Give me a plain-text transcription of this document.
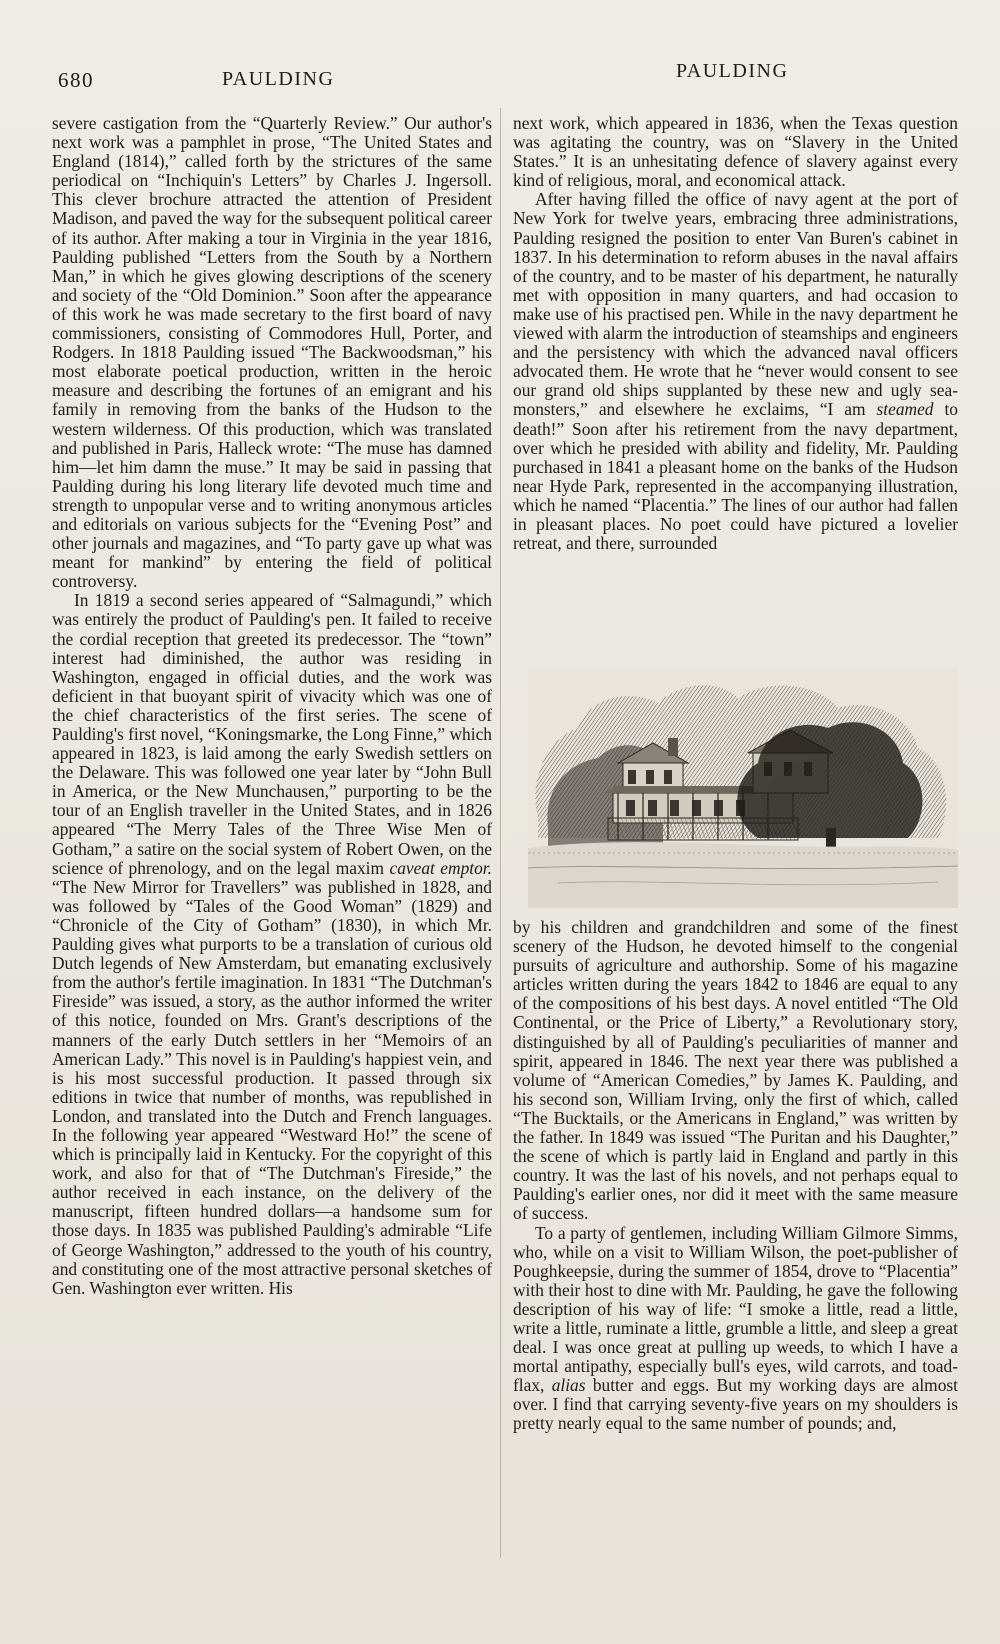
680	PAULDING	PAULDING

severe castigation from the “Quarterly Review.” Our author's next work was a pamphlet in prose, “The United States and England (1814),” called forth by the strictures of the same periodical on “Inchiquin's Letters” by Charles J. Ingersoll. This clever brochure attracted the attention of President Madison, and paved the way for the subsequent political career of its author. After making a tour in Virginia in the year 1816, Paulding published “Letters from the South by a Northern Man,” in which he gives glowing descriptions of the scenery and society of the “Old Dominion.” Soon after the appearance of this work he was made secretary to the first board of navy commissioners, consisting of Commodores Hull, Porter, and Rodgers. In 1818 Paulding issued “The Backwoodsman,” his most elaborate poetical production, written in the heroic measure and describing the fortunes of an emigrant and his family in removing from the banks of the Hudson to the western wilderness. Of this production, which was translated and published in Paris, Halleck wrote: “The muse has damned him—let him damn the muse.” It may be said in passing that Paulding during his long literary life devoted much time and strength to unpopular verse and to writing anonymous articles and editorials on various subjects for the “Evening Post” and other journals and magazines, and “To party gave up what was meant for mankind” by entering the field of political controversy.

In 1819 a second series appeared of “Salmagundi,” which was entirely the product of Paulding's pen. It failed to receive the cordial reception that greeted its predecessor. The “town” interest had diminished, the author was residing in Washington, engaged in official duties, and the work was deficient in that buoyant spirit of vivacity which was one of the chief characteristics of the first series. The scene of Paulding's first novel, “Koningsmarke, the Long Finne,” which appeared in 1823, is laid among the early Swedish settlers on the Delaware. This was followed one year later by “John Bull in America, or the New Munchausen,” purporting to be the tour of an English traveller in the United States, and in 1826 appeared “The Merry Tales of the Three Wise Men of Gotham,” a satire on the social system of Robert Owen, on the science of phrenology, and on the legal maxim caveat emptor. “The New Mirror for Travellers” was published in 1828, and was followed by “Tales of the Good Woman” (1829) and “Chronicle of the City of Gotham” (1830), in which Mr. Paulding gives what purports to be a translation of curious old Dutch legends of New Amsterdam, but emanating exclusively from the author's fertile imagination. In 1831 “The Dutchman's Fireside” was issued, a story, as the author informed the writer of this notice, founded on Mrs. Grant's descriptions of the manners of the early Dutch settlers in her “Memoirs of an American Lady.” This novel is in Paulding's happiest vein, and is his most successful production. It passed through six editions in twice that number of months, was republished in London, and translated into the Dutch and French languages. In the following year appeared “Westward Ho!” the scene of which is principally laid in Kentucky. For the copyright of this work, and also for that of “The Dutchman's Fireside,” the author received in each instance, on the delivery of the manuscript, fifteen hundred dollars—a handsome sum for those days. In 1835 was published Paulding's admirable “Life of George Washington,” addressed to the youth of his country, and constituting one of the most attractive personal sketches of Gen. Washington ever written. His

next work, which appeared in 1836, when the Texas question was agitating the country, was on “Slavery in the United States.” It is an unhesitating defence of slavery against every kind of religious, moral, and economical attack.

After having filled the office of navy agent at the port of New York for twelve years, embracing three administrations, Paulding resigned the position to enter Van Buren's cabinet in 1837. In his determination to reform abuses in the naval affairs of the country, and to be master of his department, he naturally met with opposition in many quarters, and had occasion to make use of his practised pen. While in the navy department he viewed with alarm the introduction of steamships and engineers and the persistency with which the advanced naval officers advocated them. He wrote that he “never would consent to see our grand old ships supplanted by these new and ugly sea-monsters,” and elsewhere he exclaims, “I am steamed to death!” Soon after his retirement from the navy department, over which he presided with ability and fidelity, Mr. Paulding purchased in 1841 a pleasant home on the banks of the Hudson near Hyde Park, represented in the accompanying illustration, which he named “Placentia.” The lines of our author had fallen in pleasant places. No poet could have pictured a lovelier retreat, and there, surrounded

by his children and grandchildren and some of the finest scenery of the Hudson, he devoted himself to the congenial pursuits of agriculture and authorship. Some of his magazine articles written during the years 1842 to 1846 are equal to any of the compositions of his best days. A novel entitled “The Old Continental, or the Price of Liberty,” a Revolutionary story, distinguished by all of Paulding's peculiarities of manner and spirit, appeared in 1846. The next year there was published a volume of “American Comedies,” by James K. Paulding, and his second son, William Irving, only the first of which, called “The Bucktails, or the Americans in England,” was written by the father. In 1849 was issued “The Puritan and his Daughter,” the scene of which is partly laid in England and partly in this country. It was the last of his novels, and not perhaps equal to Paulding's earlier ones, nor did it meet with the same measure of success.

To a party of gentlemen, including William Gilmore Simms, who, while on a visit to William Wilson, the poet-publisher of Poughkeepsie, during the summer of 1854, drove to “Placentia” with their host to dine with Mr. Paulding, he gave the following description of his way of life: “I smoke a little, read a little, write a little, ruminate a little, grumble a little, and sleep a great deal. I was once great at pulling up weeds, to which I have a mortal antipathy, especially bull's eyes, wild carrots, and toad-flax, alias butter and eggs. But my working days are almost over. I find that carrying seventy-five years on my shoulders is pretty nearly equal to the same number of pounds; and,
